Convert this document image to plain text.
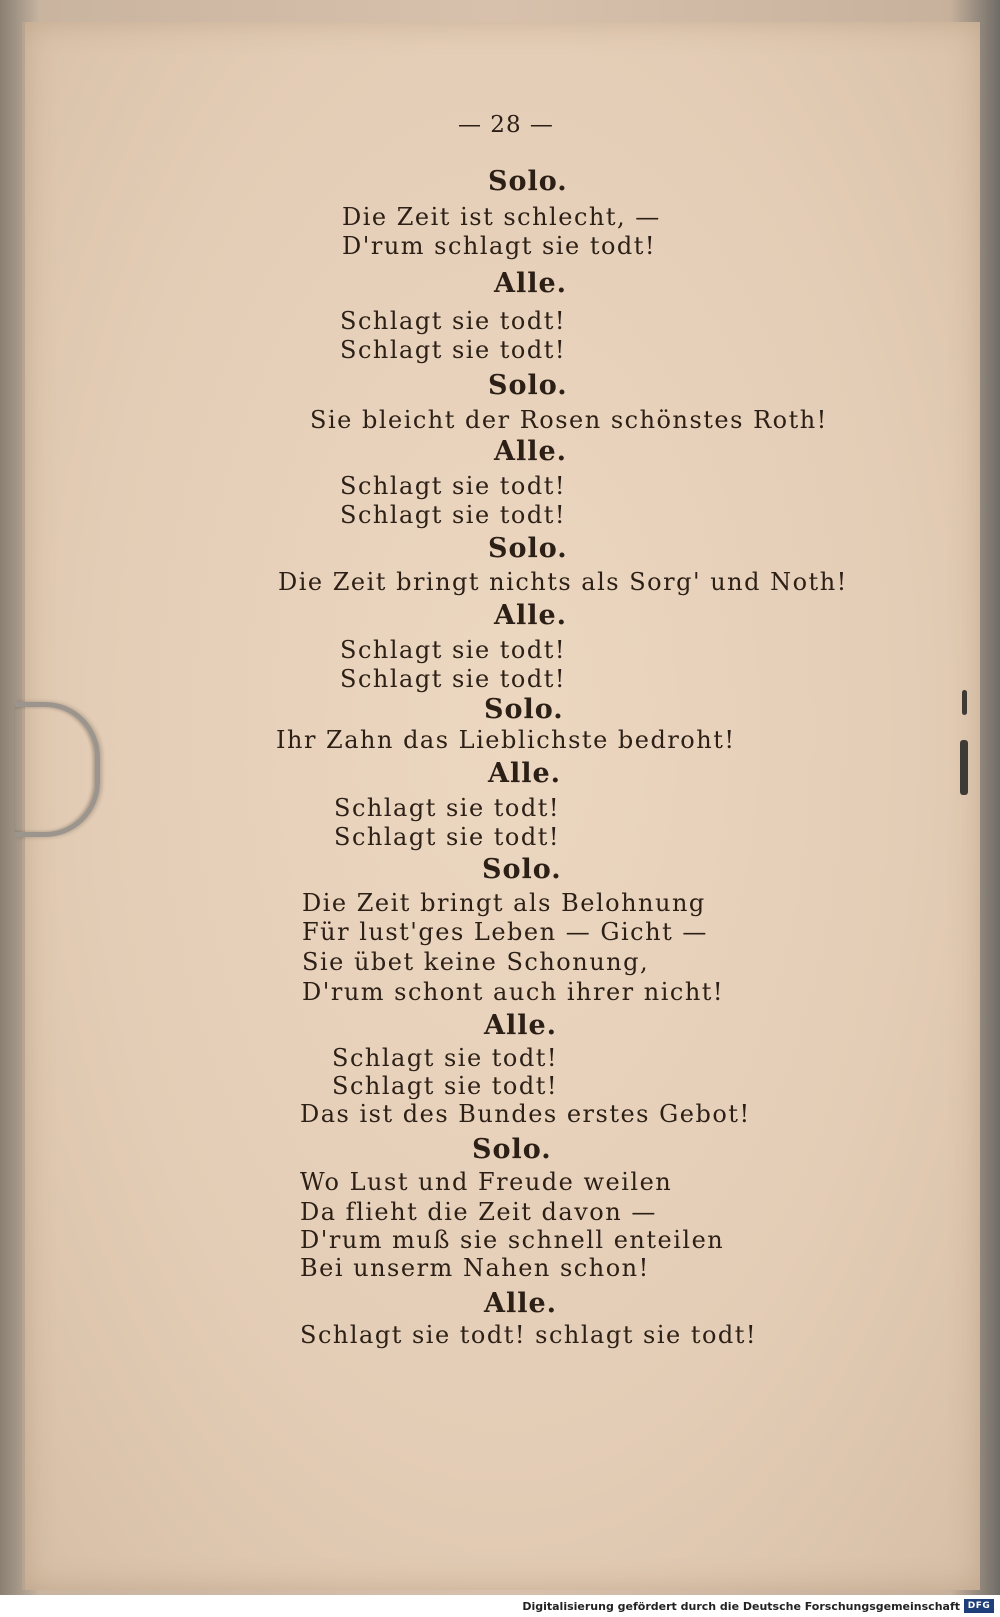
— 28 —
Solo.
Die Zeit ist schlecht, —
D'rum schlagt sie todt!
Alle.
Schlagt sie todt!
Schlagt sie todt!
Solo.
Sie bleicht der Rosen schönstes Roth!
Alle.
Schlagt sie todt!
Schlagt sie todt!
Solo.
Die Zeit bringt nichts als Sorg' und Noth!
Alle.
Schlagt sie todt!
Schlagt sie todt!
Solo.
Ihr Zahn das Lieblichste bedroht!
Alle.
Schlagt sie todt!
Schlagt sie todt!
Solo.
Die Zeit bringt als Belohnung
Für lust'ges Leben — Gicht —
Sie übet keine Schonung,
D'rum schont auch ihrer nicht!
Alle.
Schlagt sie todt!
Schlagt sie todt!
Das ist des Bundes erstes Gebot!
Solo.
Wo Lust und Freude weilen
Da flieht die Zeit davon —
D'rum muß sie schnell enteilen
Bei unserm Nahen schon!
Alle.
Schlagt sie todt! schlagt sie todt!
Digitalisierung gefördert durch die Deutsche Forschungsgemeinschaft DFG
